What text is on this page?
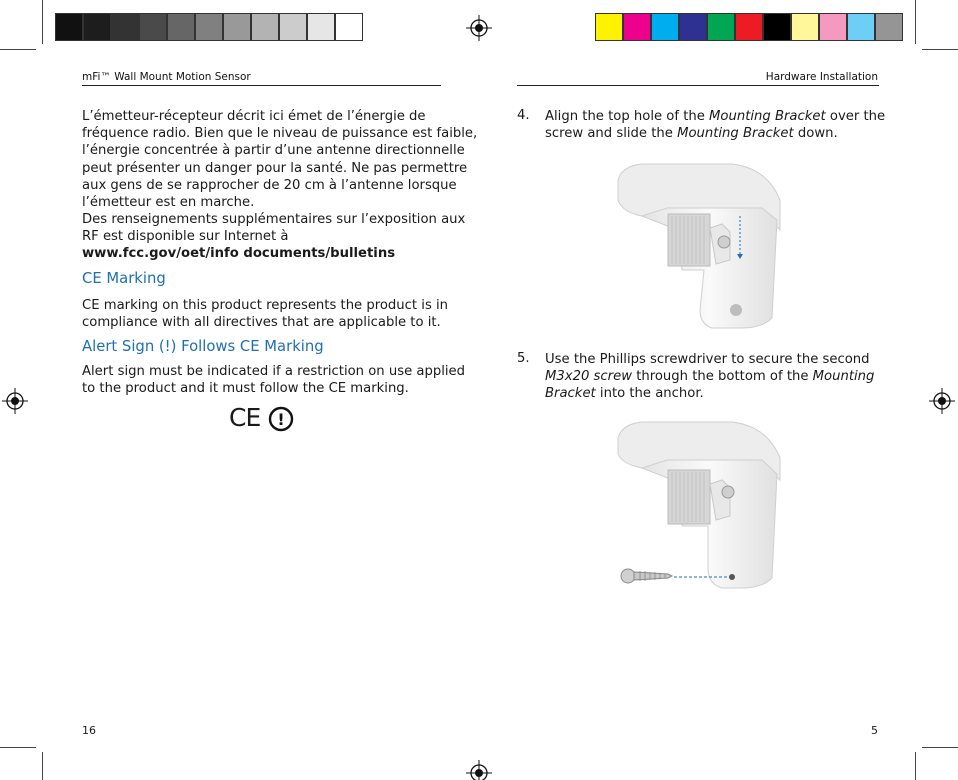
mFi™ Wall Mount Motion Sensor	Hardware Installation
L’émetteur-récepteur décrit ici émet de l’énergie de
fréquence radio. Bien que le niveau de puissance est faible,
l’énergie concentrée à partir d’une antenne directionnelle
peut présenter un danger pour la santé. Ne pas permettre
aux gens de se rapprocher de 20 cm à l’antenne lorsque
l’émetteur est en marche.
Des renseignements supplémentaires sur l’exposition aux
RF est disponible sur Internet à
www.fcc.gov/oet/info documents/bulletins
CE Marking
CE marking on this product represents the product is in
compliance with all directives that are applicable to it.
Alert Sign (!) Follows CE Marking
Alert sign must be indicated if a restriction on use applied
to the product and it must follow the CE marking.
CE !
16
4. Align the top hole of the Mounting Bracket over the
screw and slide the Mounting Bracket down.
5. Use the Phillips screwdriver to secure the second
M3x20 screw through the bottom of the Mounting
Bracket into the anchor.
5
